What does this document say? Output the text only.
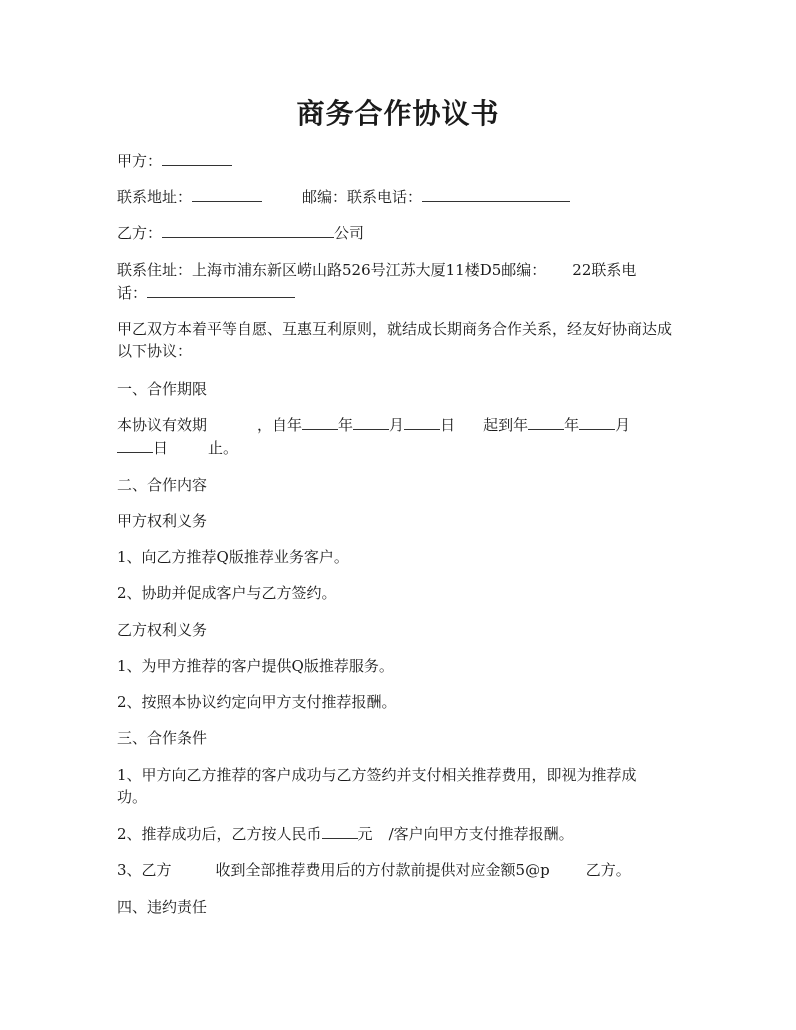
商务合作协议书
甲方：
联系地址：	邮编：联系电话：
乙方：	公司
联系住址：上海市浦东新区崂山路526号江苏大厦11楼D5邮编： 22联系电
话：
甲乙双方本着平等自愿、互惠互利原则，就结成长期商务合作关系，经友好协商达成以下协议：
一、合作期限
本协议有效期	，自年 年 月 日 起到年 年 月
日	止。
二、合作内容
甲方权利义务
1、向乙方推荐Q版推荐业务客户。
2、协助并促成客户与乙方签约。
乙方权利义务
1、为甲方推荐的客户提供Q版推荐服务。
2、按照本协议约定向甲方支付推荐报酬。
三、合作条件
1、甲方向乙方推荐的客户成功与乙方签约并支付相关推荐费用，即视为推荐成功。
2、推荐成功后，乙方按人民币 元 /客户向甲方支付推荐报酬。
3、乙方	收到全部推荐费用后的方付款前提供对应金额5@p 乙方。
四、违约责任
